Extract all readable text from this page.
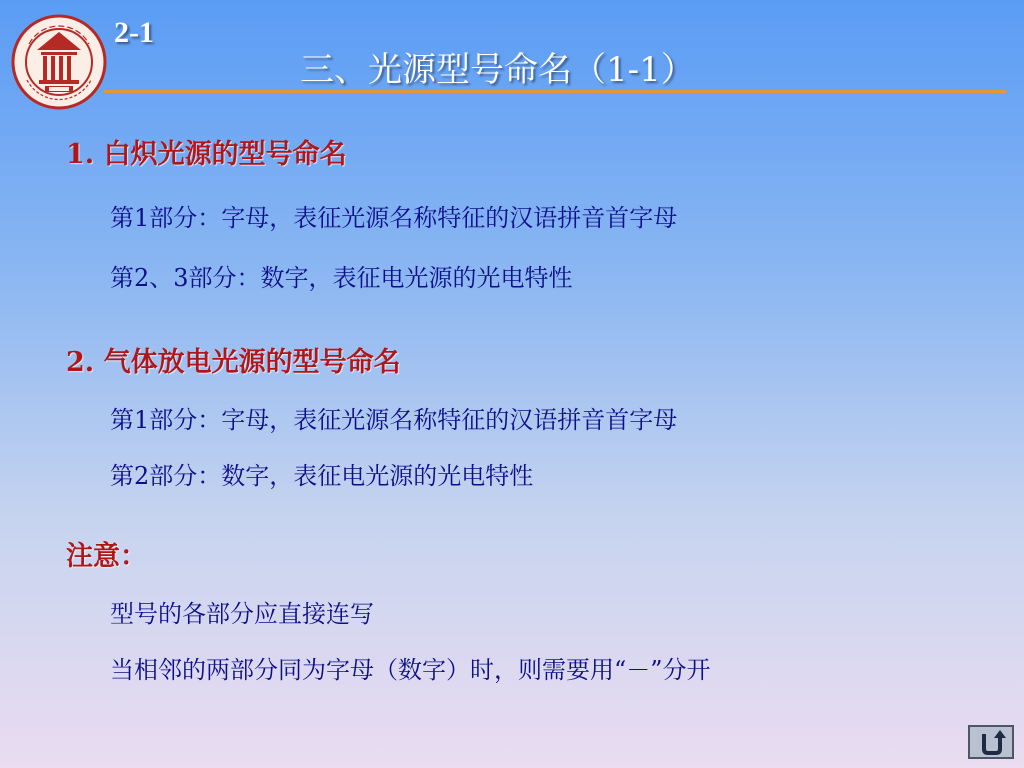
2-1
三、光源型号命名（1-1）
1. 白炽光源的型号命名
第1部分：字母，表征光源名称特征的汉语拼音首字母
第2、3部分：数字，表征电光源的光电特性
2. 气体放电光源的型号命名
第1部分：字母，表征光源名称特征的汉语拼音首字母
第2部分：数字，表征电光源的光电特性
注意：
型号的各部分应直接连写
当相邻的两部分同为字母（数字）时，则需要用“－”分开
